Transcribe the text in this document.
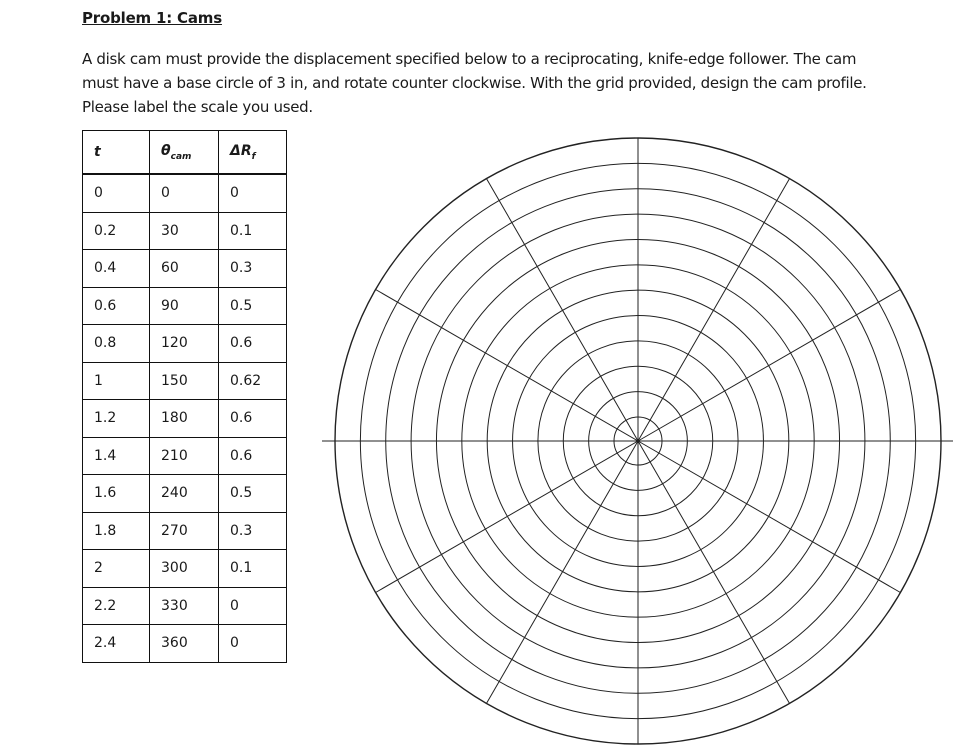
Problem 1: Cams
A disk cam must provide the displacement specified below to a reciprocating, knife-edge follower. The cam must have a base circle of 3 in, and rotate counter clockwise. With the grid provided, design the cam profile. Please label the scale you used.
t	$\theta_{cam}$	$\Delta R_f$
0	0	0
0.2	30	0.1
0.4	60	0.3
0.6	90	0.5
0.8	120	0.6
1	150	0.62
1.2	180	0.6
1.4	210	0.6
1.6	240	0.5
1.8	270	0.3
2	300	0.1
2.2	330	0
2.4	360	0
